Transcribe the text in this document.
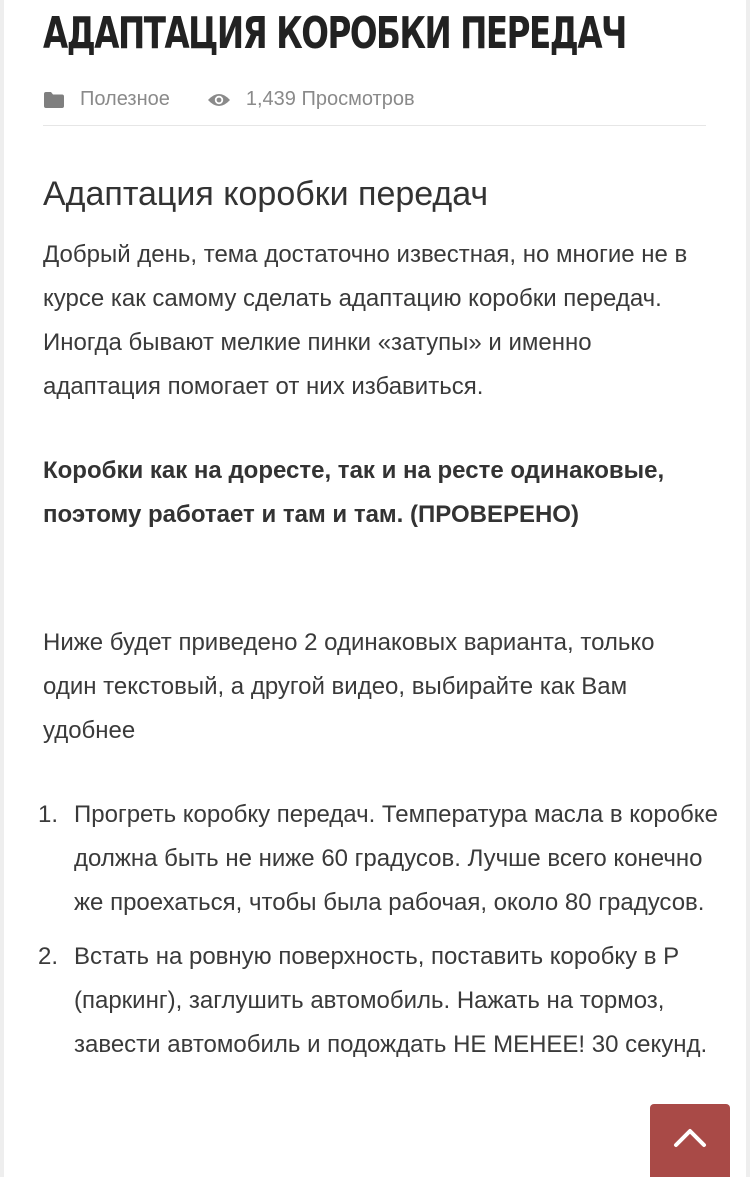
АДАПТАЦИЯ КОРОБКИ ПЕРЕДАЧ
Полезное	1,439 Просмотров
Адаптация коробки передач

Добрый день, тема достаточно известная, но многие не в курсе как самому сделать адаптацию коробки передач. Иногда бывают мелкие пинки «затупы» и именно адаптация помогает от них избавиться.

Коробки как на доресте, так и на ресте одинаковые, поэтому работает и там и там. (ПРОВЕРЕНО)

Ниже будет приведено 2 одинаковых варианта, только один текстовый, а другой видео, выбирайте как Вам удобнее

1. Прогреть коробку передач. Температура масла в коробке должна быть не ниже 60 градусов. Лучше всего конечно же проехаться, чтобы была рабочая, около 80 градусов.
2. Встать на ровную поверхность, поставить коробку в P (паркинг), заглушить автомобиль. Нажать на тормоз, завести автомобиль и подождать НЕ МЕНЕЕ! 30 секунд.
